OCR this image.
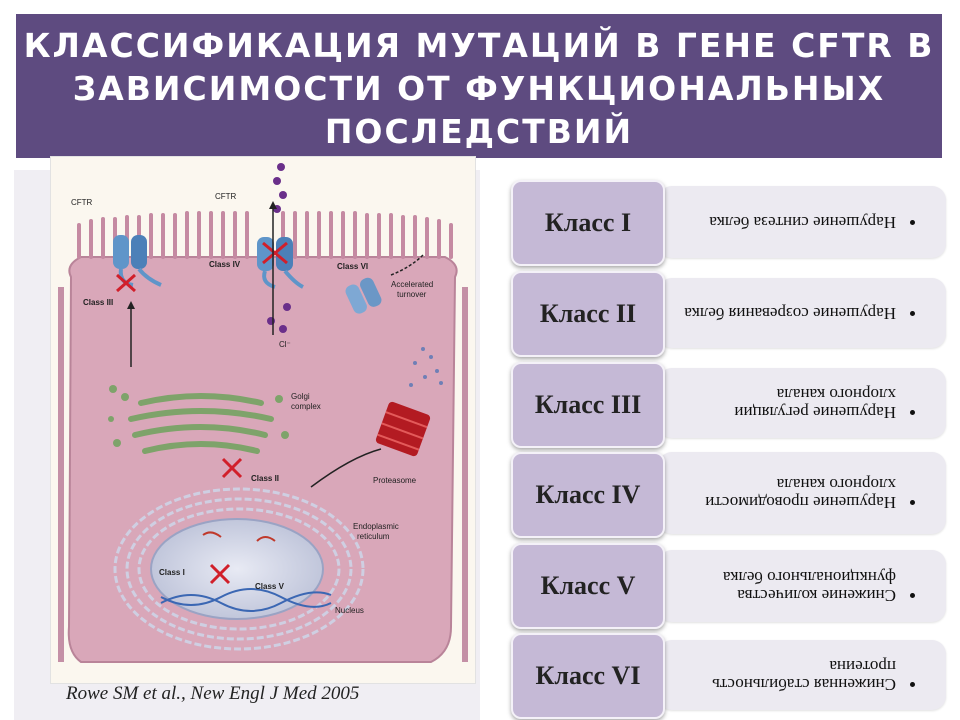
КЛАССИФИКАЦИЯ МУТАЦИЙ В ГЕНЕ CFTR В ЗАВИСИМОСТИ ОТ ФУНКЦИОНАЛЬНЫХ ПОСЛЕДСТВИЙ
CFTR
CFTR
Class III
Class IV	Class VI
Accelerated
turnover
Cl⁻
Golgi
complex
Class II	Proteasome
Endoplasmic
reticulum
Class I
Class V
Nucleus

Rowe SM et al., New Engl J Med 2005

• Нарушение синтеза белка
Класс I
• Нарушение созревания белка
Класс II
• Нарушение регуляции хлорного канала
Класс III
• Нарушение проводимости хлорного канала
Класс IV
• Снижение количества функционального белка
Класс V
• Сниженная стабильность протеина
Класс VI
